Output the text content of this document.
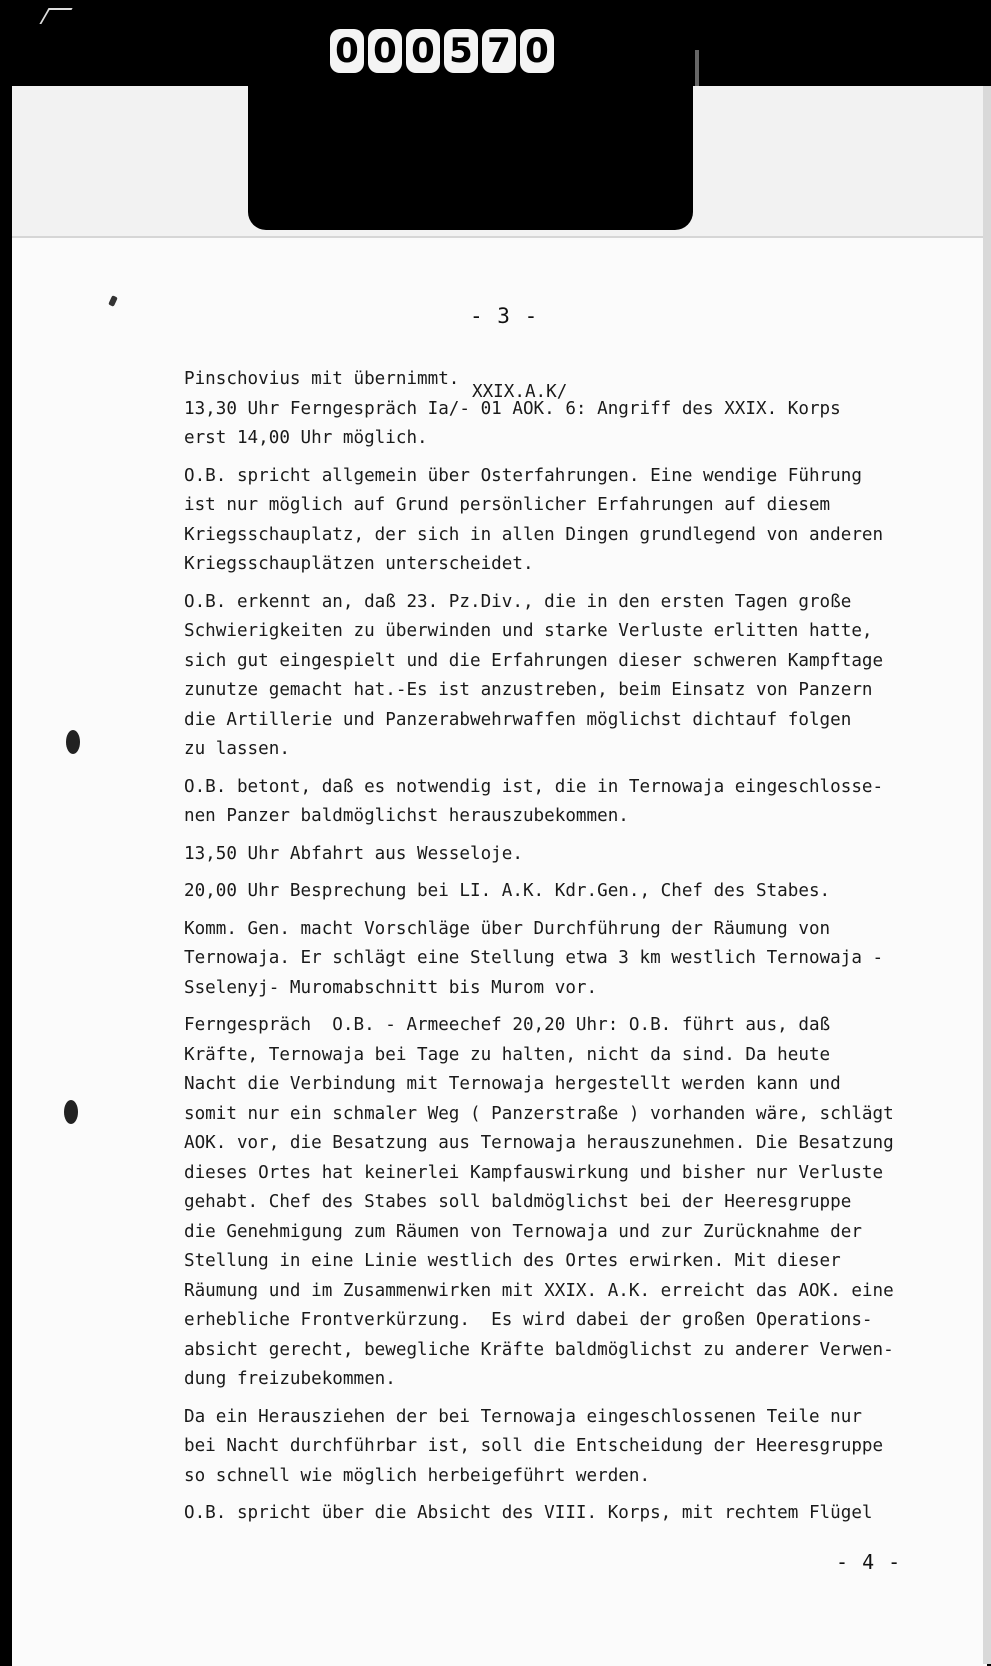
0 0 0 5 7 0
- 3 -
XXIX.A.K/
Pinschovius mit übernimmt.
13,30 Uhr Ferngespräch Ia/- 01 AOK. 6: Angriff des XXIX. Korps
erst 14,00 Uhr möglich.
O.B. spricht allgemein über Osterfahrungen. Eine wendige Führung
ist nur möglich auf Grund persönlicher Erfahrungen auf diesem
Kriegsschauplatz, der sich in allen Dingen grundlegend von anderen
Kriegsschauplätzen unterscheidet.
O.B. erkennt an, daß 23. Pz.Div., die in den ersten Tagen große
Schwierigkeiten zu überwinden und starke Verluste erlitten hatte,
sich gut eingespielt und die Erfahrungen dieser schweren Kampftage
zunutze gemacht hat.-Es ist anzustreben, beim Einsatz von Panzern
die Artillerie und Panzerabwehrwaffen möglichst dichtauf folgen
zu lassen.
O.B. betont, daß es notwendig ist, die in Ternowaja eingeschlosse-
nen Panzer baldmöglichst herauszubekommen.
13,50 Uhr Abfahrt aus Wesseloje.
20,00 Uhr Besprechung bei LI. A.K. Kdr.Gen., Chef des Stabes.
Komm. Gen. macht Vorschläge über Durchführung der Räumung von
Ternowaja. Er schlägt eine Stellung etwa 3 km westlich Ternowaja -
Sselenyj- Muromabschnitt bis Murom vor.
Ferngespräch  O.B. - Armeechef 20,20 Uhr: O.B. führt aus, daß
Kräfte, Ternowaja bei Tage zu halten, nicht da sind. Da heute
Nacht die Verbindung mit Ternowaja hergestellt werden kann und
somit nur ein schmaler Weg ( Panzerstraße ) vorhanden wäre, schlägt
AOK. vor, die Besatzung aus Ternowaja herauszunehmen. Die Besatzung
dieses Ortes hat keinerlei Kampfauswirkung und bisher nur Verluste
gehabt. Chef des Stabes soll baldmöglichst bei der Heeresgruppe
die Genehmigung zum Räumen von Ternowaja und zur Zurücknahme der
Stellung in eine Linie westlich des Ortes erwirken. Mit dieser
Räumung und im Zusammenwirken mit XXIX. A.K. erreicht das AOK. eine
erhebliche Frontverkürzung.  Es wird dabei der großen Operations-
absicht gerecht, bewegliche Kräfte baldmöglichst zu anderer Verwen-
dung freizubekommen.
Da ein Herausziehen der bei Ternowaja eingeschlossenen Teile nur
bei Nacht durchführbar ist, soll die Entscheidung der Heeresgruppe
so schnell wie möglich herbeigeführt werden.
O.B. spricht über die Absicht des VIII. Korps, mit rechtem Flügel
- 4 -
